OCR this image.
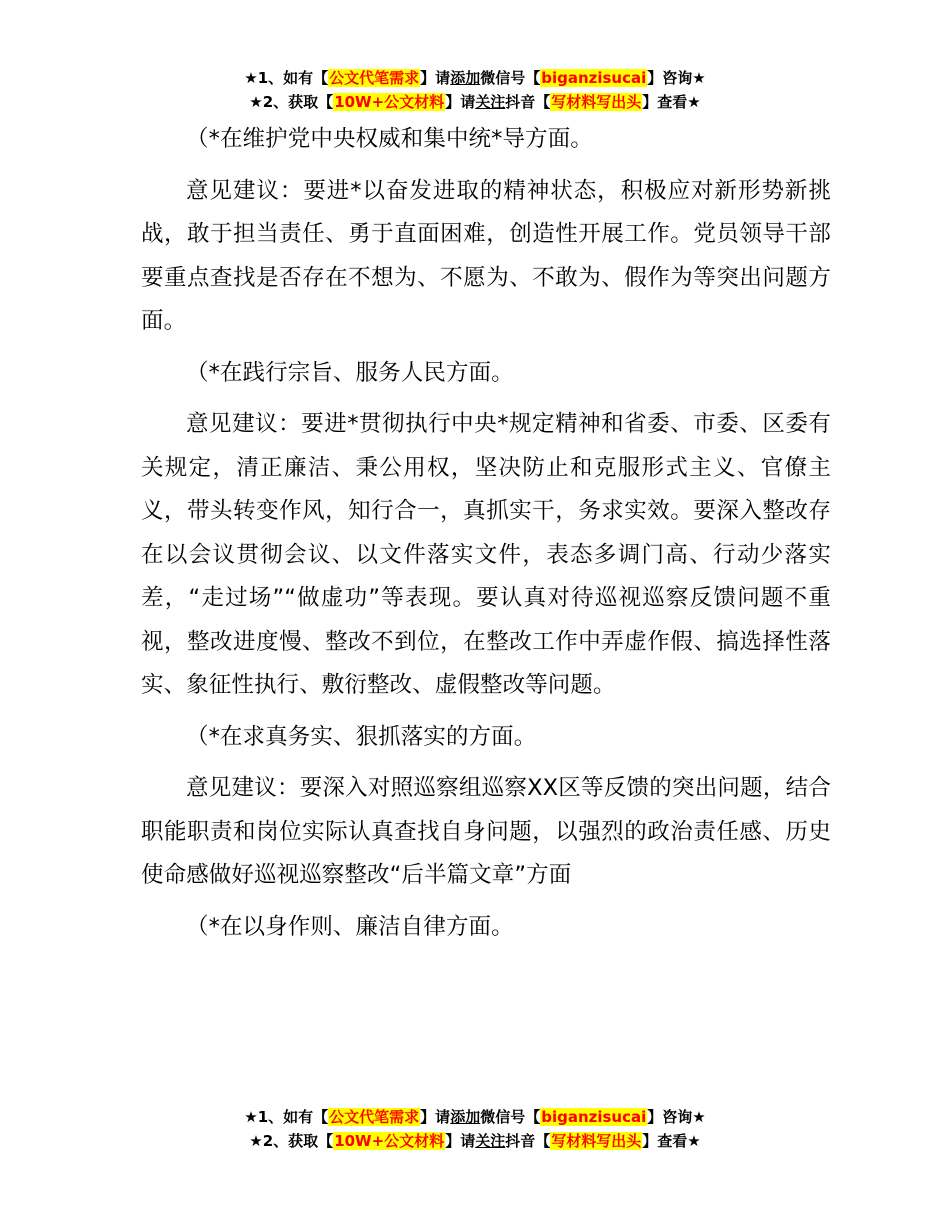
★1、如有【公文代笔需求】请添加微信号【biganzisucai】咨询★
★2、获取【10W+公文材料】请关注抖音【写材料写出头】查看★

（*在维护党中央权威和集中统*导方面。

意见建议：要进*以奋发进取的精神状态，积极应对新形势新挑战，敢于担当责任、勇于直面困难，创造性开展工作。党员领导干部要重点查找是否存在不想为、不愿为、不敢为、假作为等突出问题方面。

（*在践行宗旨、服务人民方面。

意见建议：要进*贯彻执行中央*规定精神和省委、市委、区委有关规定，清正廉洁、秉公用权，坚决防止和克服形式主义、官僚主义，带头转变作风，知行合一，真抓实干，务求实效。要深入整改存在以会议贯彻会议、以文件落实文件，表态多调门高、行动少落实差，“走过场”“做虚功”等表现。要认真对待巡视巡察反馈问题不重视，整改进度慢、整改不到位，在整改工作中弄虚作假、搞选择性落实、象征性执行、敷衍整改、虚假整改等问题。

（*在求真务实、狠抓落实的方面。

意见建议：要深入对照巡察组巡察XX区等反馈的突出问题，结合职能职责和岗位实际认真查找自身问题，以强烈的政治责任感、历史使命感做好巡视巡察整改“后半篇文章”方面

（*在以身作则、廉洁自律方面。

★1、如有【公文代笔需求】请添加微信号【biganzisucai】咨询★
★2、获取【10W+公文材料】请关注抖音【写材料写出头】查看★
